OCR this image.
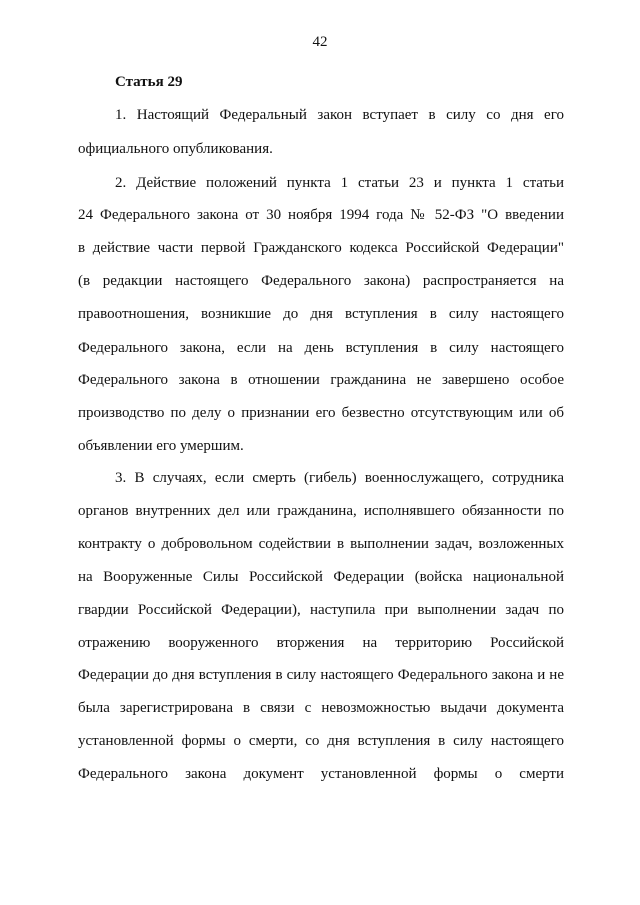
42
Статья 29
1. Настоящий Федеральный закон вступает в силу со дня его
официального опубликования.
2. Действие положений пункта 1 статьи 23 и пункта 1 статьи
24 Федерального закона от 30 ноября 1994 года № 52-ФЗ "О введении
в действие части первой Гражданского кодекса Российской Федерации"
(в редакции настоящего Федерального закона) распространяется на
правоотношения, возникшие до дня вступления в силу настоящего
Федерального закона, если на день вступления в силу настоящего
Федерального закона в отношении гражданина не завершено особое
производство по делу о признании его безвестно отсутствующим или об
объявлении его умершим.
3. В случаях, если смерть (гибель) военнослужащего, сотрудника
органов внутренних дел или гражданина, исполнявшего обязанности по
контракту о добровольном содействии в выполнении задач, возложенных
на Вооруженные Силы Российской Федерации (войска национальной
гвардии Российской Федерации), наступила при выполнении задач по
отражению вооруженного вторжения на территорию Российской
Федерации до дня вступления в силу настоящего Федерального закона и не
была зарегистрирована в связи с невозможностью выдачи документа
установленной формы о смерти, со дня вступления в силу настоящего
Федерального закона документ установленной формы о смерти
